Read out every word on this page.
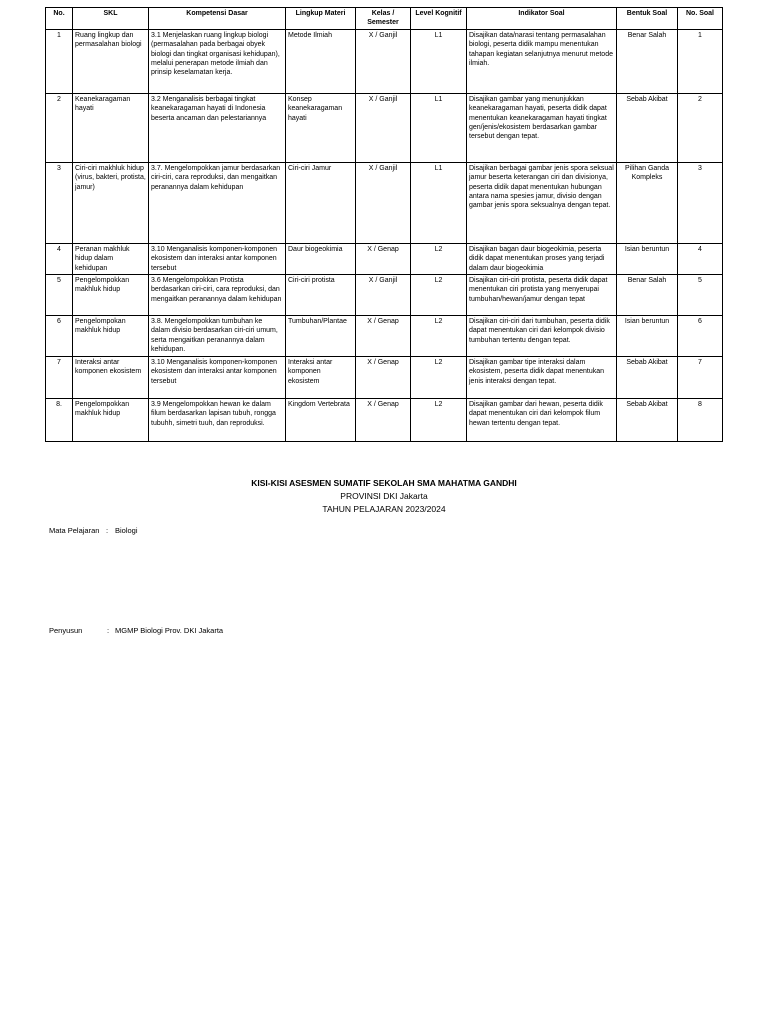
No.	SKL	Kompetensi Dasar	Lingkup Materi	Kelas / Semester	Level Kognitif	Indikator Soal	Bentuk Soal	No. Soal
1	Ruang lingkup dan permasalahan biologi	3.1 Menjelaskan ruang lingkup biologi (permasalahan pada berbagai obyek biologi dan tingkat organisasi kehidupan), melalui penerapan metode ilmiah dan prinsip keselamatan kerja.	Metode Ilmiah	X / Ganjil	L1	Disajikan data/narasi tentang permasalahan biologi, peserta didik mampu menentukan tahapan kegiatan selanjutnya menurut metode ilmiah.	Benar Salah	1
2	Keanekaragaman hayati	3.2 Menganalisis berbagai tingkat keanekaragaman hayati di Indonesia beserta ancaman dan pelestariannya	Konsep keanekaragaman hayati	X / Ganjil	L1	Disajikan gambar yang menunjukkan keanekaragaman hayati, peserta didik dapat menentukan keanekaragaman hayati tingkat gen/jenis/ekosistem berdasarkan gambar tersebut dengan tepat.	Sebab Akibat	2
3	Ciri-ciri makhluk hidup (virus, bakteri, protista, jamur)	3.7. Mengelompokkan jamur berdasarkan ciri-ciri, cara reproduksi, dan mengaitkan peranannya dalam kehidupan	Ciri-ciri Jamur	X / Ganjil	L1	Disajikan berbagai gambar jenis spora seksual jamur beserta keterangan ciri dan divisionya, peserta didik dapat menentukan hubungan antara nama spesies jamur, divisio dengan gambar jenis spora seksualnya dengan tepat.	Pilihan Ganda Kompleks	3
4	Peranan makhluk hidup dalam kehidupan	3.10 Menganalisis komponen-komponen ekosistem dan interaksi antar komponen tersebut	Daur biogeokimia	X / Genap	L2	Disajikan bagan daur biogeokimia, peserta didik dapat menentukan proses yang terjadi dalam daur biogeokimia	Isian beruntun	4
5	Pengelompokkan makhluk hidup	3.6 Mengelompokkan Protista berdasarkan ciri-ciri, cara reproduksi, dan mengaitkan peranannya dalam kehidupan	Ciri-ciri protista	X / Ganjil	L2	Disajikan ciri-ciri protista, peserta didik dapat menentukan ciri protista yang menyerupai tumbuhan/hewan/jamur dengan tepat	Benar Salah	5
6	Pengelompokan makhluk hidup	3.8. Mengelompokkan tumbuhan ke dalam divisio berdasarkan ciri-ciri umum, serta mengaitkan peranannya dalam kehidupan.	Tumbuhan/Plantae	X / Genap	L2	Disajikan ciri-ciri dari tumbuhan, peserta didik dapat menentukan ciri dari kelompok divisio tumbuhan tertentu dengan tepat.	Isian beruntun	6
7	Interaksi antar komponen ekosistem	3.10 Menganalisis komponen-komponen ekosistem dan interaksi antar komponen tersebut	Interaksi antar komponen ekosistem	X / Genap	L2	Disajikan gambar tipe interaksi dalam ekosistem, peserta didik dapat menentukan jenis interaksi dengan tepat.	Sebab Akibat	7
8.	Pengelompokkan makhluk hidup	3.9 Mengelompokkan hewan ke dalam filum berdasarkan lapisan tubuh, rongga tubuhh, simetri tuuh, dan reproduksi.	Kingdom Vertebrata	X / Genap	L2	Disajikan gambar dari hewan, peserta didik dapat menentukan ciri dari kelompok filum hewan tertentu dengan tepat.	Sebab Akibat	8
KISI-KISI ASESMEN SUMATIF SEKOLAH SMA MAHATMA GANDHI
PROVINSI DKI Jakarta
TAHUN PELAJARAN 2023/2024
Mata Pelajaran : Biologi
Penyusun	: MGMP Biologi Prov. DKI Jakarta
